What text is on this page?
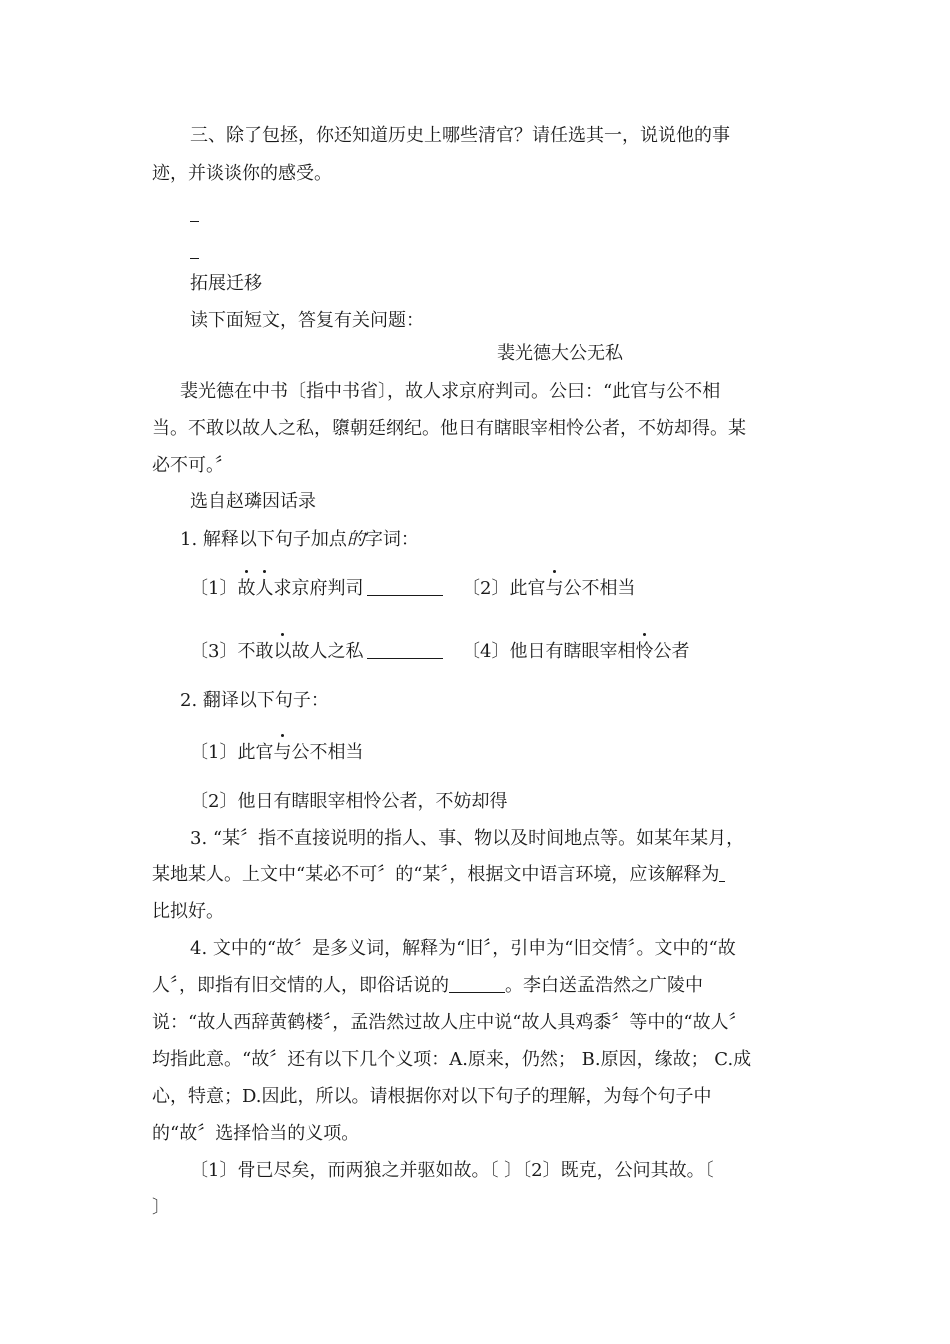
三、除了包拯，你还知道历史上哪些清官？请任选其一，说说他的事
迹，并谈谈你的感受。
拓展迁移
读下面短文，答复有关问题：
裴光德大公无私
裴光德在中书〔指中书省〕，故人求京府判司。公曰：“此官与公不相
当。不敢以故人之私，隳朝廷纲纪。他日有瞎眼宰相怜公者，不妨却得。某
必不可。〞
选自赵璘因话录
1. 解释以下句子加点的字词：
〔1〕故人求京府判司	〔2〕此官与公不相当
〔3〕不敢以故人之私	〔4〕他日有瞎眼宰相怜公者
2. 翻译以下句子：
〔1〕此官与公不相当
〔2〕他日有瞎眼宰相怜公者，不妨却得
3. “某〞指不直接说明的指人、事、物以及时间地点等。如某年某月，
某地某人。上文中“某必不可〞的“某〞，根据文中语言环境，应该解释为
比拟好。
4. 文中的“故〞是多义词，解释为“旧〞，引申为“旧交情〞。文中的“故
人〞，即指有旧交情的人，即俗话说的	。李白送孟浩然之广陵中
说：“故人西辞黄鹤楼〞，孟浩然过故人庄中说“故人具鸡黍〞等中的“故人〞
均指此意。“故〞还有以下几个义项：A.原来，仍然； B.原因，缘故； C.成
心，特意；D.因此，所以。请根据你对以下句子的理解，为每个句子中
的“故〞选择恰当的义项。
〔1〕骨已尽矣，而两狼之并驱如故。〔 〕〔2〕既克，公问其故。〔
〕
